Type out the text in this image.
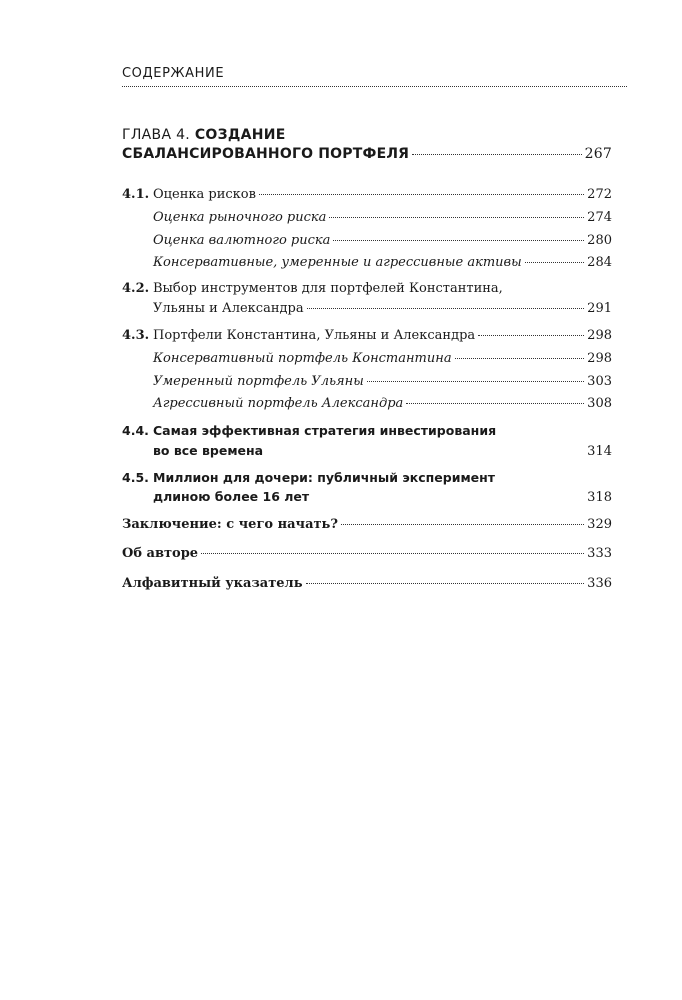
СОДЕРЖАНИЕ
ГЛАВА 4. СОЗДАНИЕ
СБАЛАНСИРОВАННОГО ПОРТФЕЛЯ	267
4.1. Оценка рисков	272
Оценка рыночного риска	274
Оценка валютного риска	280
Консервативные, умеренные и агрессивные активы	284
4.2. Выбор инструментов для портфелей Константина,
Ульяны и Александра	291
4.3. Портфели Константина, Ульяны и Александра	298
Консервативный портфель Константина	298
Умеренный портфель Ульяны	303
Агрессивный портфель Александра	308
4.4. Самая эффективная стратегия инвестирования
во все времена	314
4.5. Миллион для дочери: публичный эксперимент
длиною более 16 лет	318
Заключение: с чего начать?	329
Об авторе	333
Алфавитный указатель	336
